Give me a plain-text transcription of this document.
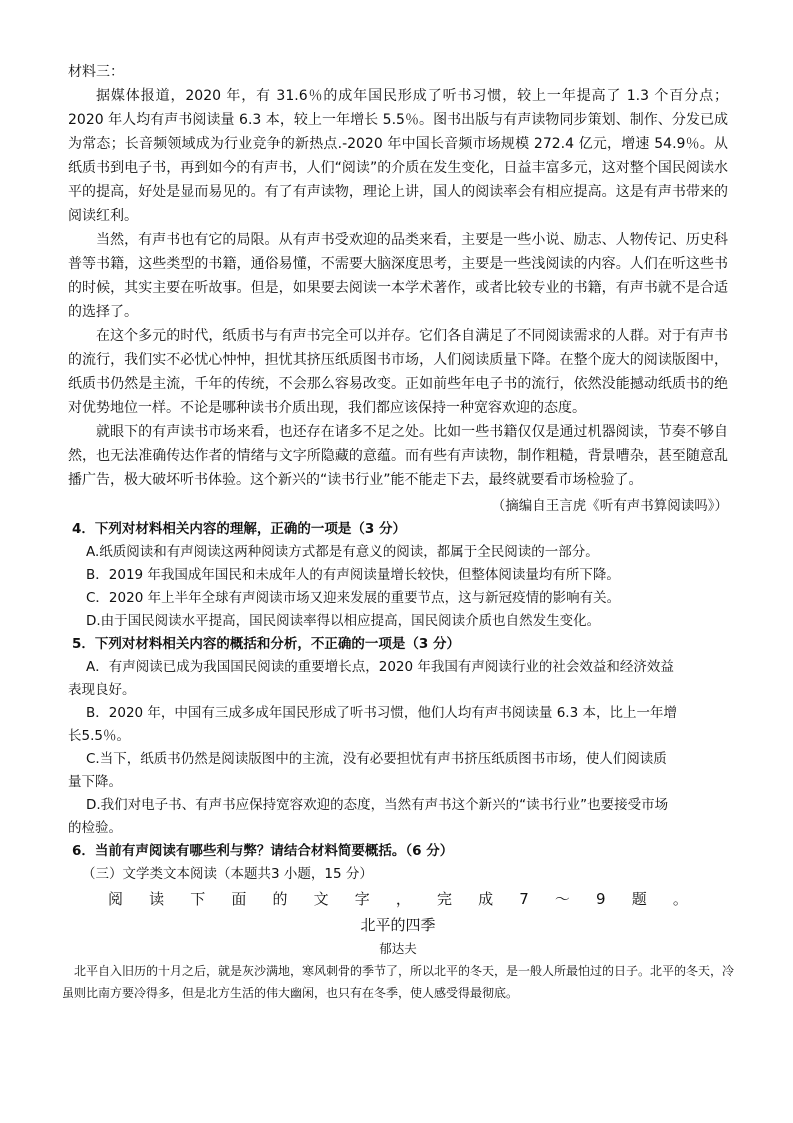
材料三：

据媒体报道，2020 年，有 31.6％的成年国民形成了听书习惯，较上一年提高了 1.3 个百分点；2020 年人均有声书阅读量 6.3 本，较上一年增长 5.5％。图书出版与有声读物同步策划、制作、分发已成为常态；长音频领域成为行业竞争的新热点.-2020 年中国长音频市场规模 272.4 亿元，增速 54.9％。从纸质书到电子书，再到如今的有声书，人们“阅读”的介质在发生变化，日益丰富多元，这对整个国民阅读水平的提高，好处是显而易见的。有了有声读物，理论上讲，国人的阅读率会有相应提高。这是有声书带来的阅读红利。

当然，有声书也有它的局限。从有声书受欢迎的品类来看，主要是一些小说、励志、人物传记、历史科普等书籍，这些类型的书籍，通俗易懂，不需要大脑深度思考，主要是一些浅阅读的内容。人们在听这些书的时候，其实主要在听故事。但是，如果要去阅读一本学术著作，或者比较专业的书籍，有声书就不是合适的选择了。

在这个多元的时代，纸质书与有声书完全可以并存。它们各自满足了不同阅读需求的人群。对于有声书的流行，我们实不必忧心忡忡，担忧其挤压纸质图书市场，人们阅读质量下降。在整个庞大的阅读版图中，纸质书仍然是主流，千年的传统，不会那么容易改变。正如前些年电子书的流行，依然没能撼动纸质书的绝对优势地位一样。不论是哪种读书介质出现，我们都应该保持一种宽容欢迎的态度。

就眼下的有声读书市场来看，也还存在诸多不足之处。比如一些书籍仅仅是通过机器阅读，节奏不够自然，也无法准确传达作者的情绪与文字所隐藏的意蕴。而有些有声读物，制作粗糙，背景嘈杂，甚至随意乱播广告，极大破坏听书体验。这个新兴的“读书行业”能不能走下去，最终就要看市场检验了。

（摘编自王言虎《听有声书算阅读吗》）
4．下列对材料相关内容的理解，正确的一项是（3 分）
A.纸质阅读和有声阅读这两种阅读方式都是有意义的阅读，都属于全民阅读的一部分。
B．2019 年我国成年国民和未成年人的有声阅读量增长较快，但整体阅读量均有所下降。
C．2020 年上半年全球有声阅读市场又迎来发展的重要节点，这与新冠疫情的影响有关。
D.由于国民阅读水平提高，国民阅读率得以相应提高，国民阅读介质也自然发生变化。
5．下列对材料相关内容的概括和分析，不正确的一项是（3 分）
A．有声阅读已成为我国国民阅读的重要增长点，2020 年我国有声阅读行业的社会效益和经济效益
表现良好。
B．2020 年，中国有三成多成年国民形成了听书习惯，他们人均有声书阅读量 6.3 本，比上一年增
长5.5％。
C.当下，纸质书仍然是阅读版图中的主流，没有必要担忧有声书挤压纸质图书市场，使人们阅读质
量下降。
D.我们对电子书、有声书应保持宽容欢迎的态度，当然有声书这个新兴的“读书行业”也要接受市场
的检验。
6．当前有声阅读有哪些利与弊？请结合材料简要概括。（6 分）
（三）文学类文本阅读（本题共3 小题，15 分）
阅 读 下 面 的 文 字 ， 完 成 7 ～ 9 题 。
北平的四季
郁达夫

北平自入旧历的十月之后，就是灰沙满地，寒风刺骨的季节了，所以北平的冬天，是一般人所最怕过的日子。北平的冬天，冷虽则比南方要冷得多，但是北方生活的伟大幽闲，也只有在冬季，使人感受得最彻底。
